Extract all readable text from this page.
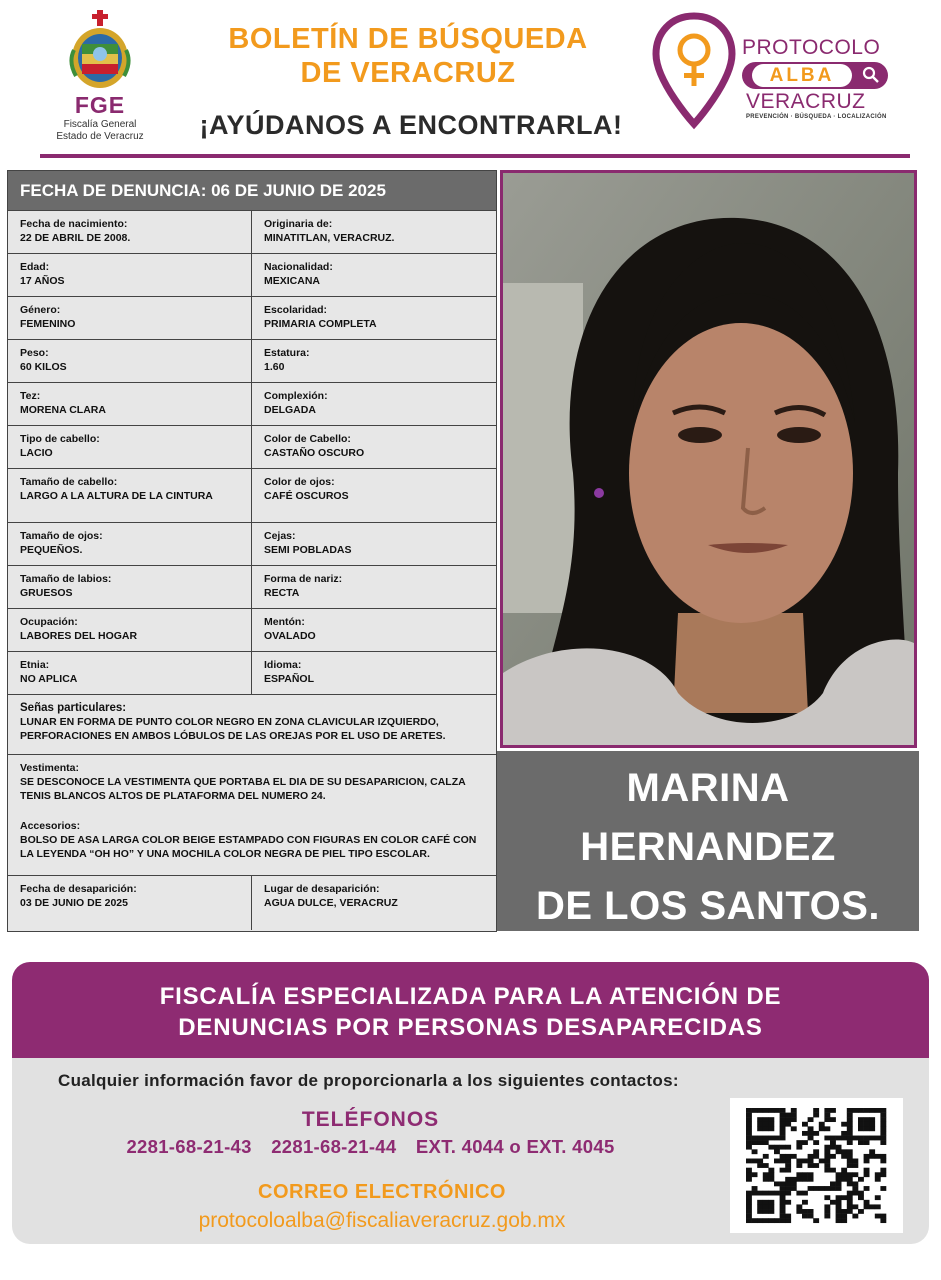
FGE
Fiscalía General
Estado de Veracruz
BOLETÍN DE BÚSQUEDA
DE VERACRUZ
¡AYÚDANOS A ENCONTRARLA!
PROTOCOLO
ALBA
VERACRUZ
PREVENCIÓN · BÚSQUEDA · LOCALIZACIÓN
FECHA DE DENUNCIA: 06 DE JUNIO DE 2025
Fecha de nacimiento:
22 DE ABRIL DE 2008.
Originaria de:
MINATITLAN, VERACRUZ.
Edad:
17 AÑOS
Nacionalidad:
MEXICANA
Género:
FEMENINO
Escolaridad:
PRIMARIA COMPLETA
Peso:
60 KILOS
Estatura:
1.60
Tez:
MORENA CLARA
Complexión:
DELGADA
Tipo de cabello:
LACIO
Color de Cabello:
CASTAÑO OSCURO
Tamaño de cabello:
LARGO A LA ALTURA DE LA CINTURA
Color de ojos:
CAFÉ OSCUROS
Tamaño de ojos:
PEQUEÑOS.
Cejas:
SEMI POBLADAS
Tamaño de labios:
GRUESOS
Forma de nariz:
RECTA
Ocupación:
LABORES DEL HOGAR
Mentón:
OVALADO
Etnia:
NO APLICA
Idioma:
ESPAÑOL
Señas particulares:
LUNAR EN FORMA DE PUNTO COLOR NEGRO EN ZONA CLAVICULAR IZQUIERDO, PERFORACIONES EN AMBOS LÓBULOS DE LAS OREJAS POR EL USO DE ARETES.
Vestimenta:
SE DESCONOCE LA VESTIMENTA QUE PORTABA EL DIA DE SU DESAPARICION, CALZA TENIS BLANCOS ALTOS DE PLATAFORMA DEL NUMERO 24.
Accesorios:
BOLSO DE ASA LARGA COLOR BEIGE ESTAMPADO CON FIGURAS EN COLOR CAFÉ CON LA LEYENDA “OH HO” Y UNA MOCHILA COLOR NEGRA DE PIEL TIPO ESCOLAR.
Fecha de desaparición:
03 DE JUNIO DE 2025
Lugar de desaparición:
AGUA DULCE, VERACRUZ
MARINA
HERNANDEZ
DE LOS SANTOS.
FISCALÍA ESPECIALIZADA PARA LA ATENCIÓN DE
DENUNCIAS POR PERSONAS DESAPARECIDAS
Cualquier información favor de proporcionarla a los siguientes contactos:
TELÉFONOS
2281-68-21-43 2281-68-21-44 EXT. 4044 o EXT. 4045
CORREO ELECTRÓNICO
protocoloalba@fiscaliaveracruz.gob.mx
